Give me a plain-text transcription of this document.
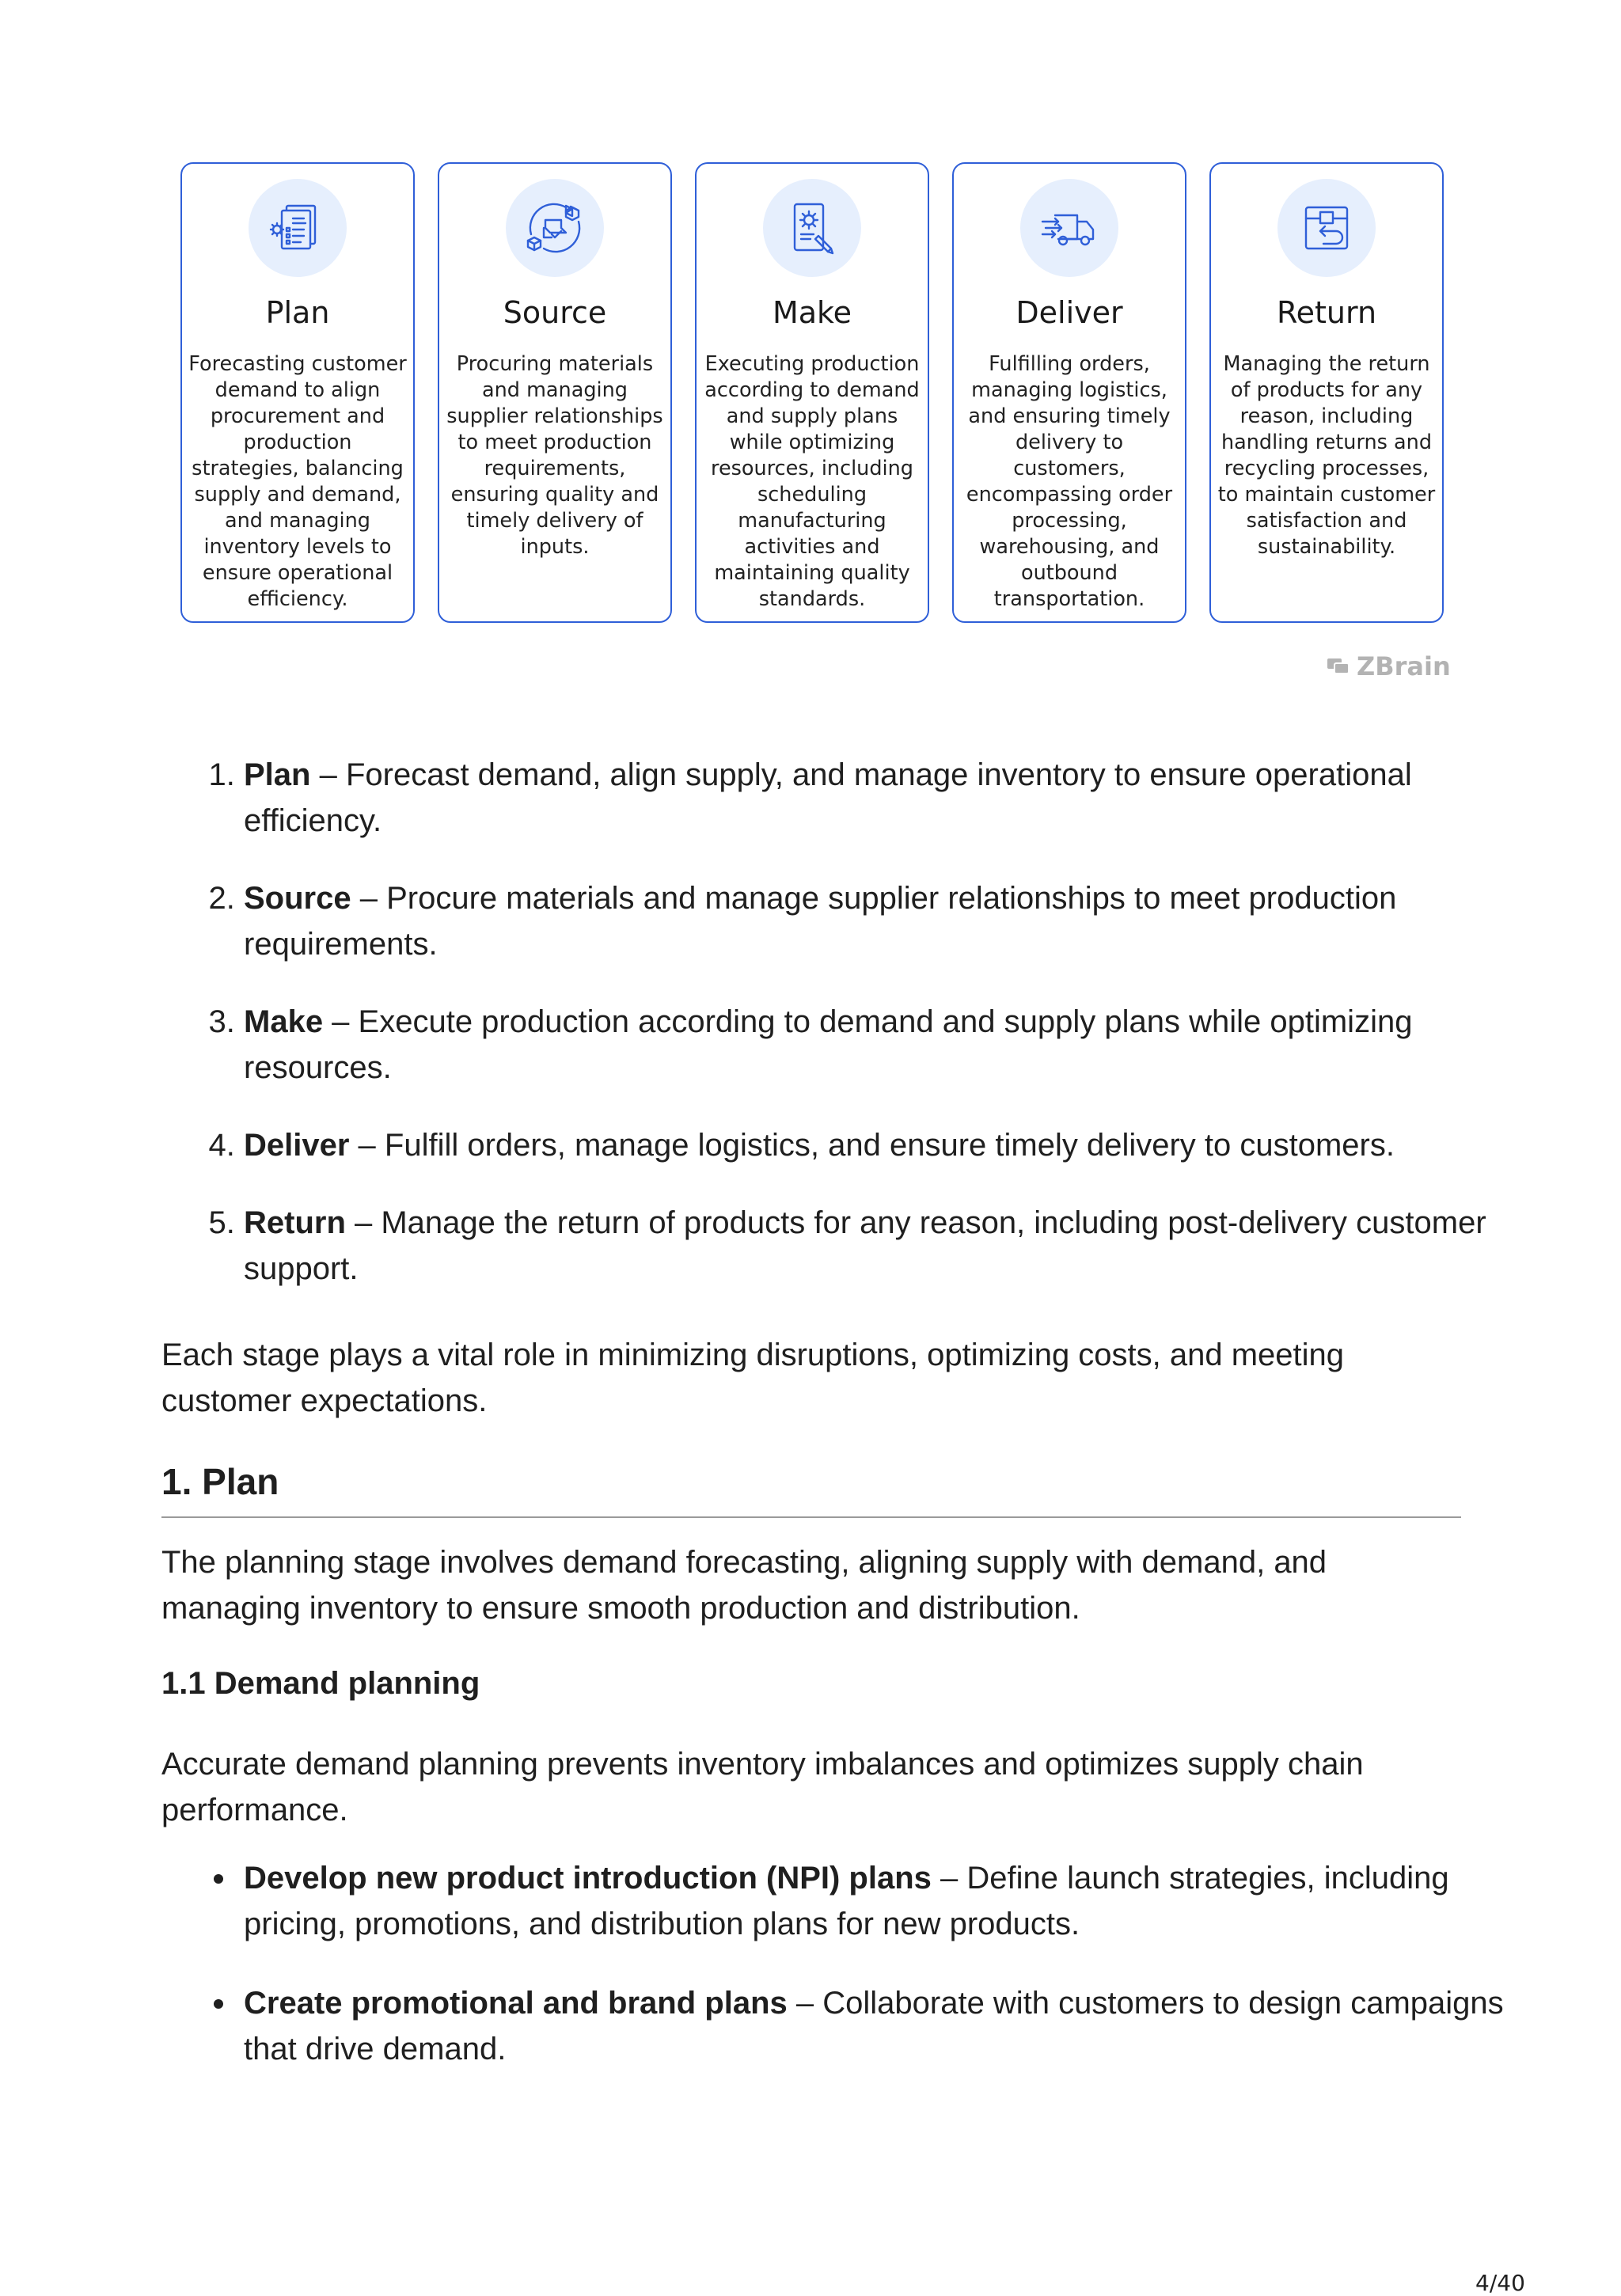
Plan
Forecasting customer demand to align procurement and production strategies, balancing supply and demand, and managing inventory levels to ensure operational efficiency.
Source
Procuring materials and managing supplier relationships to meet production requirements, ensuring quality and timely delivery of inputs.
Make
Executing production according to demand and supply plans while optimizing resources, including scheduling manufacturing activities and maintaining quality standards.
Deliver
Fulfilling orders, managing logistics, and ensuring timely delivery to customers, encompassing order processing, warehousing, and outbound transportation.
Return
Managing the return of products for any reason, including handling returns and recycling processes, to maintain customer satisfaction and sustainability.
ZBrain
1. Plan – Forecast demand, align supply, and manage inventory to ensure operational efficiency.
2. Source – Procure materials and manage supplier relationships to meet production requirements.
3. Make – Execute production according to demand and supply plans while optimizing resources.
4. Deliver – Fulfill orders, manage logistics, and ensure timely delivery to customers.
5. Return – Manage the return of products for any reason, including post-delivery customer support.

Each stage plays a vital role in minimizing disruptions, optimizing costs, and meeting customer expectations.

1. Plan

The planning stage involves demand forecasting, aligning supply with demand, and managing inventory to ensure smooth production and distribution.

1.1 Demand planning

Accurate demand planning prevents inventory imbalances and optimizes supply chain performance.

Develop new product introduction (NPI) plans – Define launch strategies, including pricing, promotions, and distribution plans for new products.
Create promotional and brand plans – Collaborate with customers to design campaigns that drive demand.
4/40
